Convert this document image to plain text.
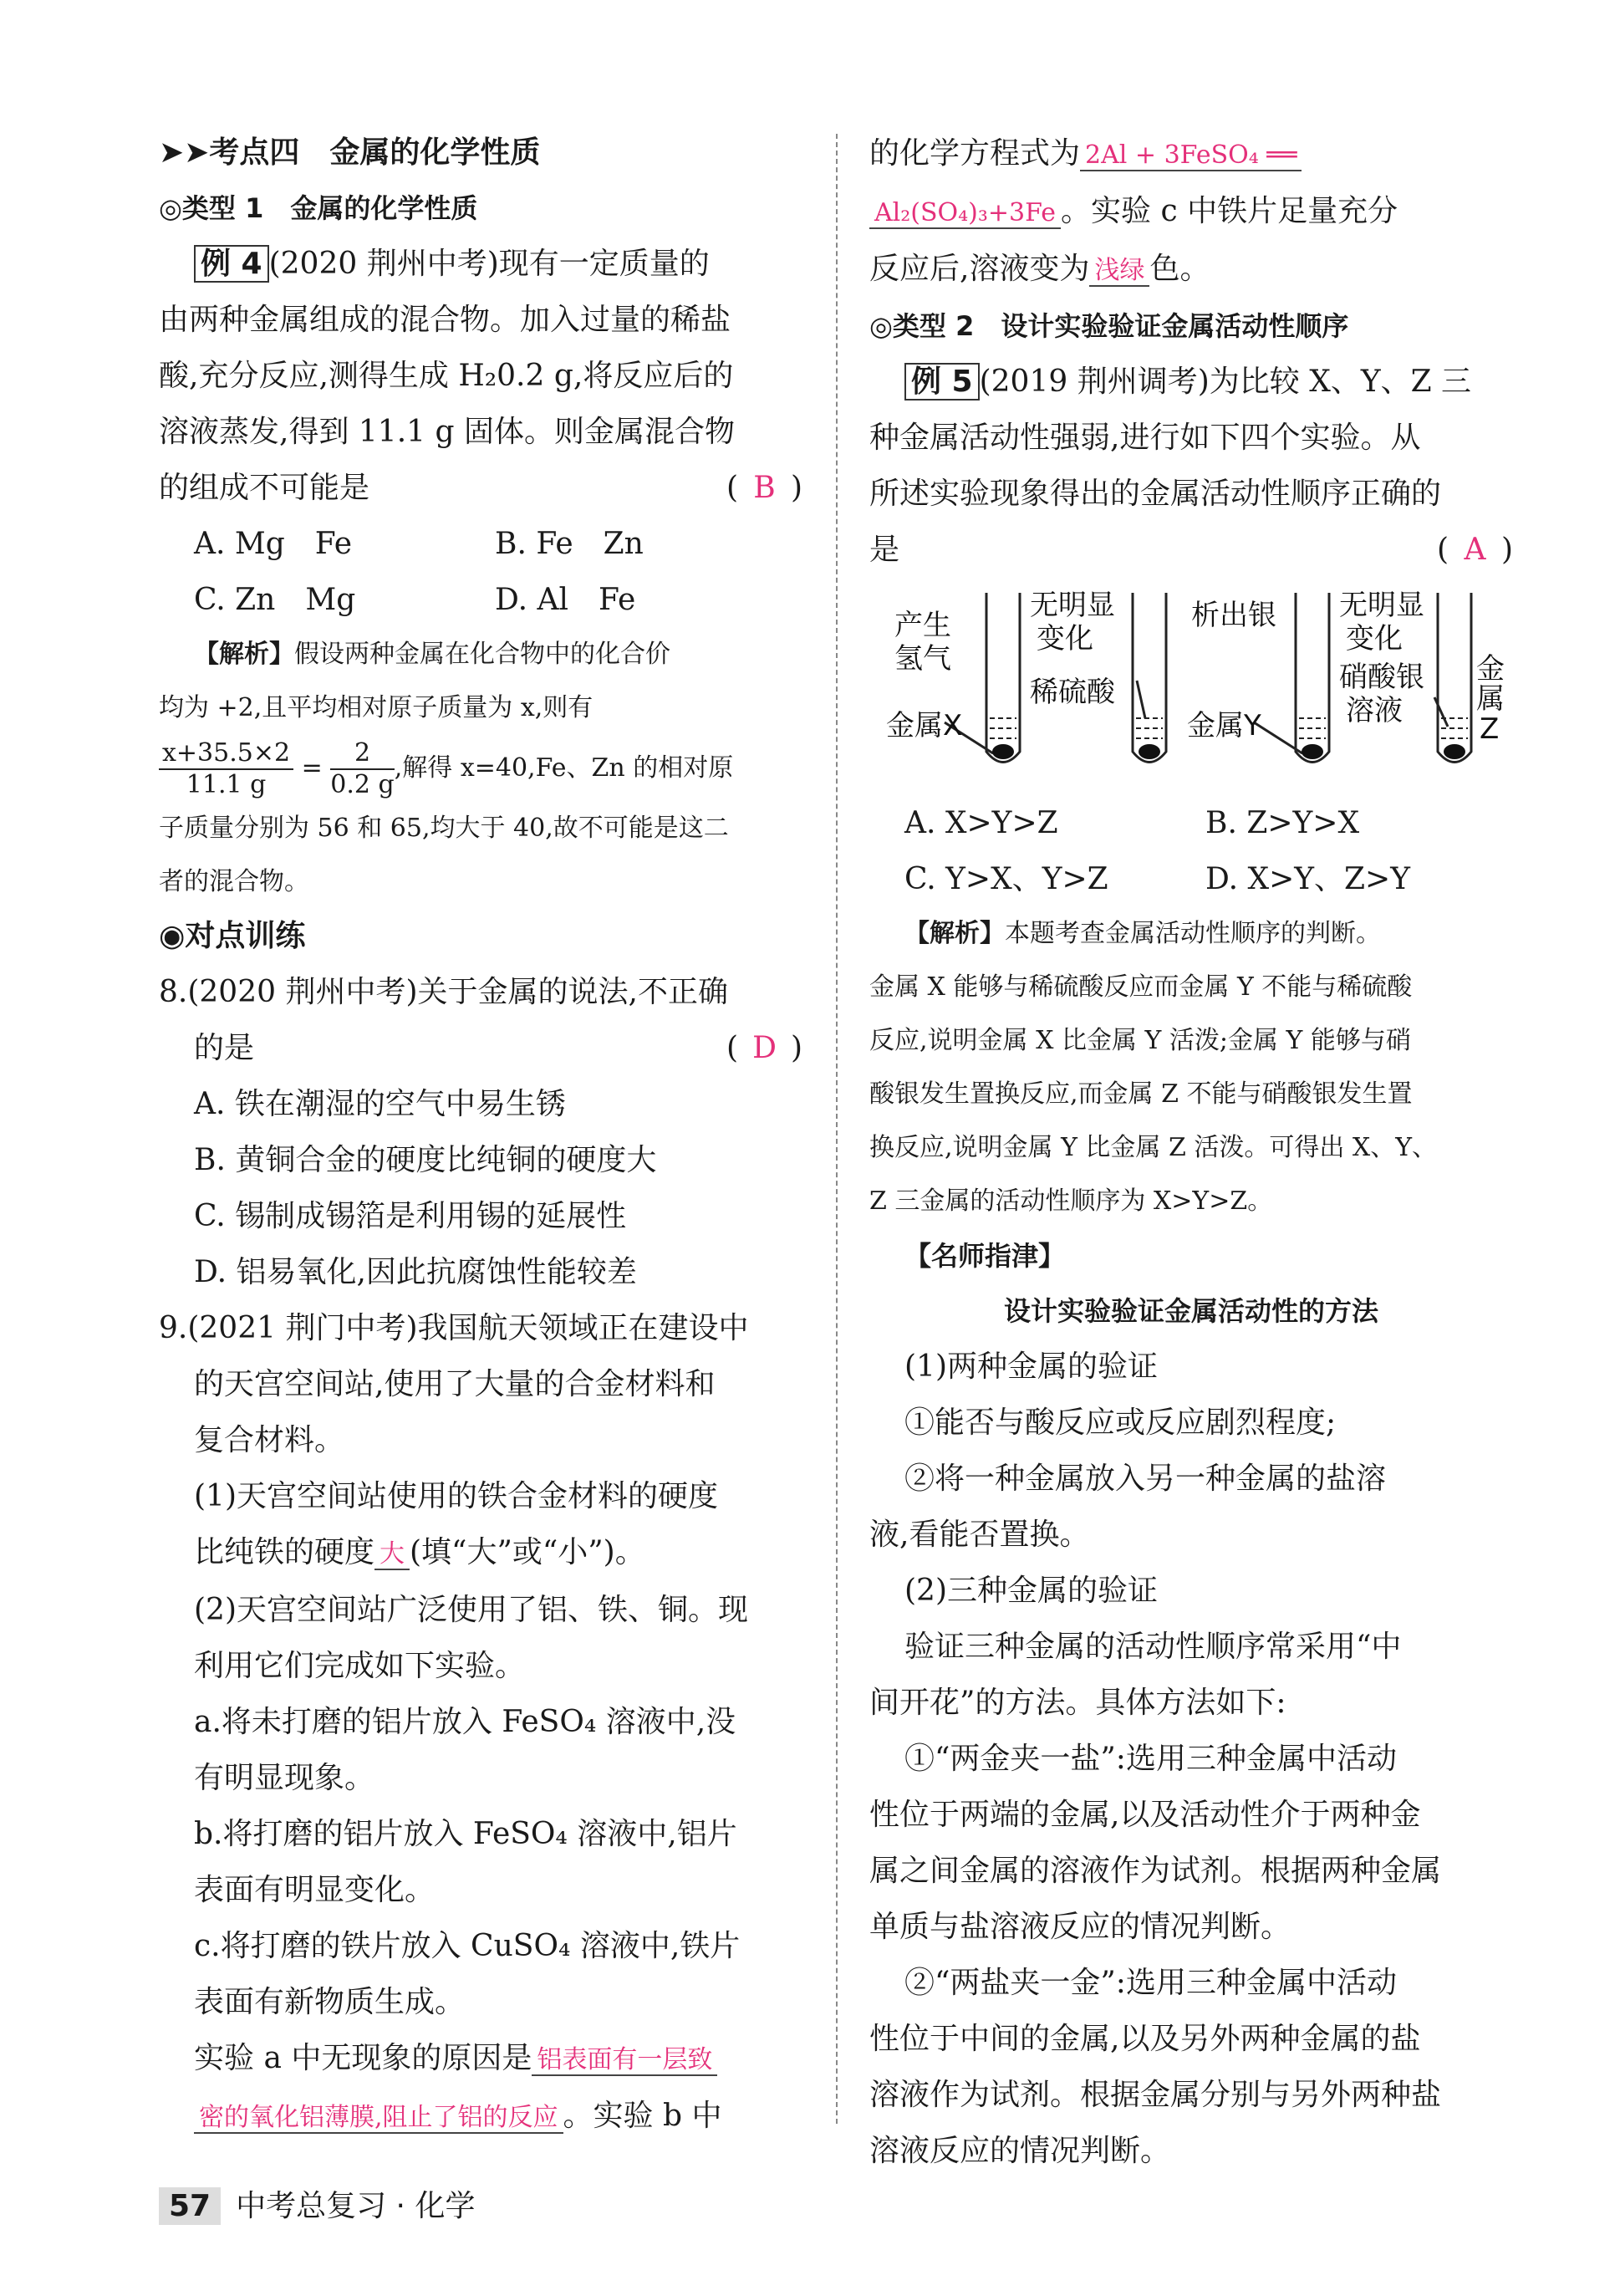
➤➤考点四　金属的化学性质
◎类型 1　金属的化学性质
例 4 (2020 荆州中考)现有一定质量的
由两种金属组成的混合物。加入过量的稀盐
酸,充分反应,测得生成 H₂0.2 g,将反应后的
溶液蒸发,得到 11.1 g 固体。则金属混合物
的组成不可能是	( B )
A. Mg　Fe	B. Fe　Zn
C. Zn　Mg	D. Al　Fe
【解析】假设两种金属在化合物中的化合价
均为 +2,且平均相对原子质量为 x,则有
$\frac{x+35.5\times 2}{11.1 g} = \frac{2}{0.2 g}$ ,解得 x=40,Fe、Zn 的相对原
子质量分别为 56 和 65,均大于 40,故不可能是这二
者的混合物。
◉对点训练
8.(2020 荆州中考)关于金属的说法,不正确
的是	( D )
A. 铁在潮湿的空气中易生锈
B. 黄铜合金的硬度比纯铜的硬度大
C. 锡制成锡箔是利用锡的延展性
D. 铝易氧化,因此抗腐蚀性能较差
9.(2021 荆门中考)我国航天领域正在建设中
的天宫空间站,使用了大量的合金材料和
复合材料。
(1)天宫空间站使用的铁合金材料的硬度
比纯铁的硬度 大 (填“大”或“小”)。
(2)天宫空间站广泛使用了铝、铁、铜。现
利用它们完成如下实验。
a.将未打磨的铝片放入 FeSO₄ 溶液中,没
有明显现象。
b.将打磨的铝片放入 FeSO₄ 溶液中,铝片
表面有明显变化。
c.将打磨的铁片放入 CuSO₄ 溶液中,铁片
表面有新物质生成。
实验 a 中无现象的原因是 铝表面有一层致
密的氧化铝薄膜,阻止了铝的反应 。实验 b 中
的化学方程式为 2Al + 3FeSO₄ ══
Al₂(SO₄)₃+3Fe 。实验 c 中铁片足量充分
反应后,溶液变为 浅绿 色。
◎类型 2　设计实验验证金属活动性顺序
例 5 (2019 荆州调考)为比较 X、Y、Z 三
种金属活动性强弱,进行如下四个实验。从
所述实验现象得出的金属活动性顺序正确的
是	( A )
产生
氢气
金属X
无明显
变化
稀硫酸
析出银
金属Y
无明显
变化
硝酸银
溶液
金
属
Z
A. X>Y>Z	B. Z>Y>X
C. Y>X、Y>Z	D. X>Y、Z>Y
【解析】本题考查金属活动性顺序的判断。
金属 X 能够与稀硫酸反应而金属 Y 不能与稀硫酸
反应,说明金属 X 比金属 Y 活泼;金属 Y 能够与硝
酸银发生置换反应,而金属 Z 不能与硝酸银发生置
换反应,说明金属 Y 比金属 Z 活泼。可得出 X、Y、
Z 三金属的活动性顺序为 X>Y>Z。
【名师指津】
设计实验验证金属活动性的方法
(1)两种金属的验证
①能否与酸反应或反应剧烈程度;
②将一种金属放入另一种金属的盐溶
液,看能否置换。
(2)三种金属的验证
验证三种金属的活动性顺序常采用“中
间开花”的方法。具体方法如下:
①“两金夹一盐”:选用三种金属中活动
性位于两端的金属,以及活动性介于两种金
属之间金属的溶液作为试剂。根据两种金属
单质与盐溶液反应的情况判断。
②“两盐夹一金”:选用三种金属中活动
性位于中间的金属,以及另外两种金属的盐
溶液作为试剂。根据金属分别与另外两种盐
溶液反应的情况判断。
57 中考总复习 · 化学
